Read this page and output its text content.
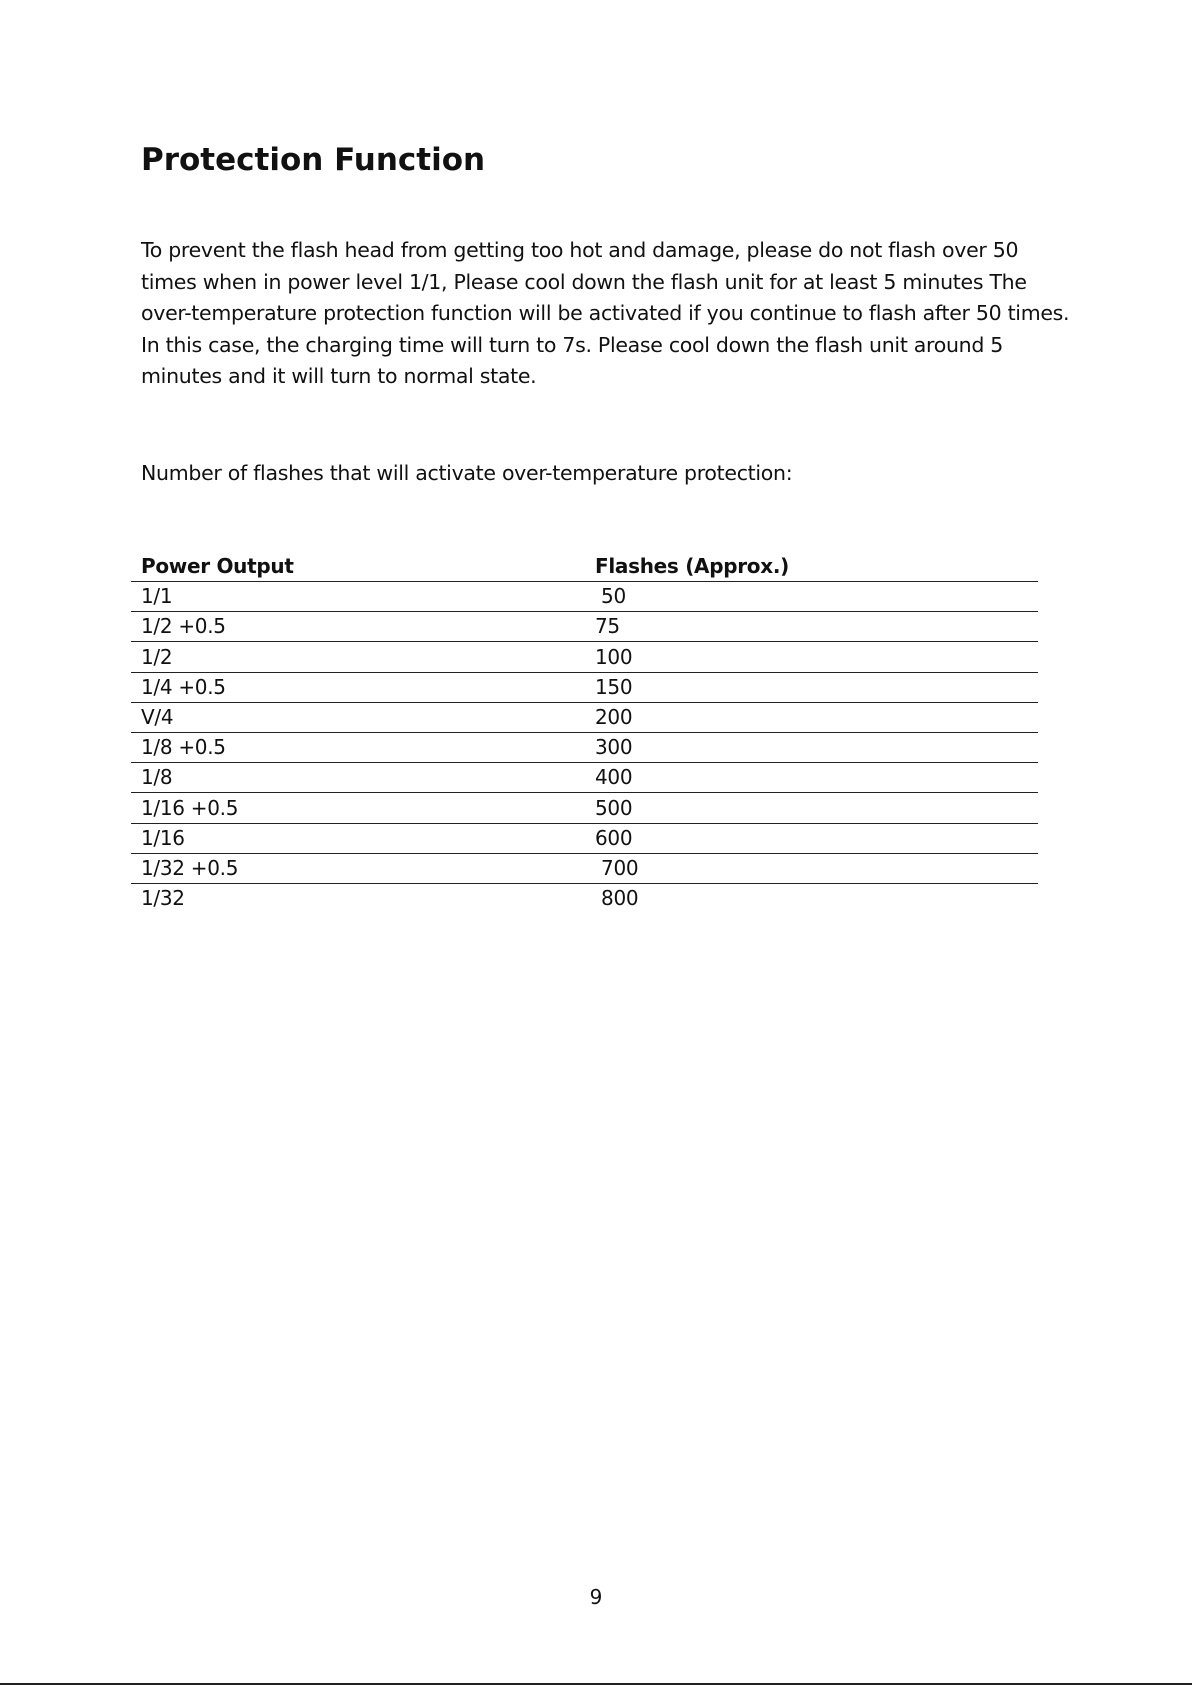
Protection Function

To prevent the flash head from getting too hot and damage, please do not flash over 50
times when in power level 1/1, Please cool down the flash unit for at least 5 minutes The
over-temperature protection function will be activated if you continue to flash after 50 times.
In this case, the charging time will turn to 7s. Please cool down the flash unit around 5
minutes and it will turn to normal state.

Number of flashes that will activate over-temperature protection:

Power Output	Flashes (Approx.)
1/1	50
1/2 +0.5	75
1/2	100
1/4 +0.5	150
V/4	200
1/8 +0.5	300
1/8	400
1/16 +0.5	500
1/16	600
1/32 +0.5	700
1/32	800
9
